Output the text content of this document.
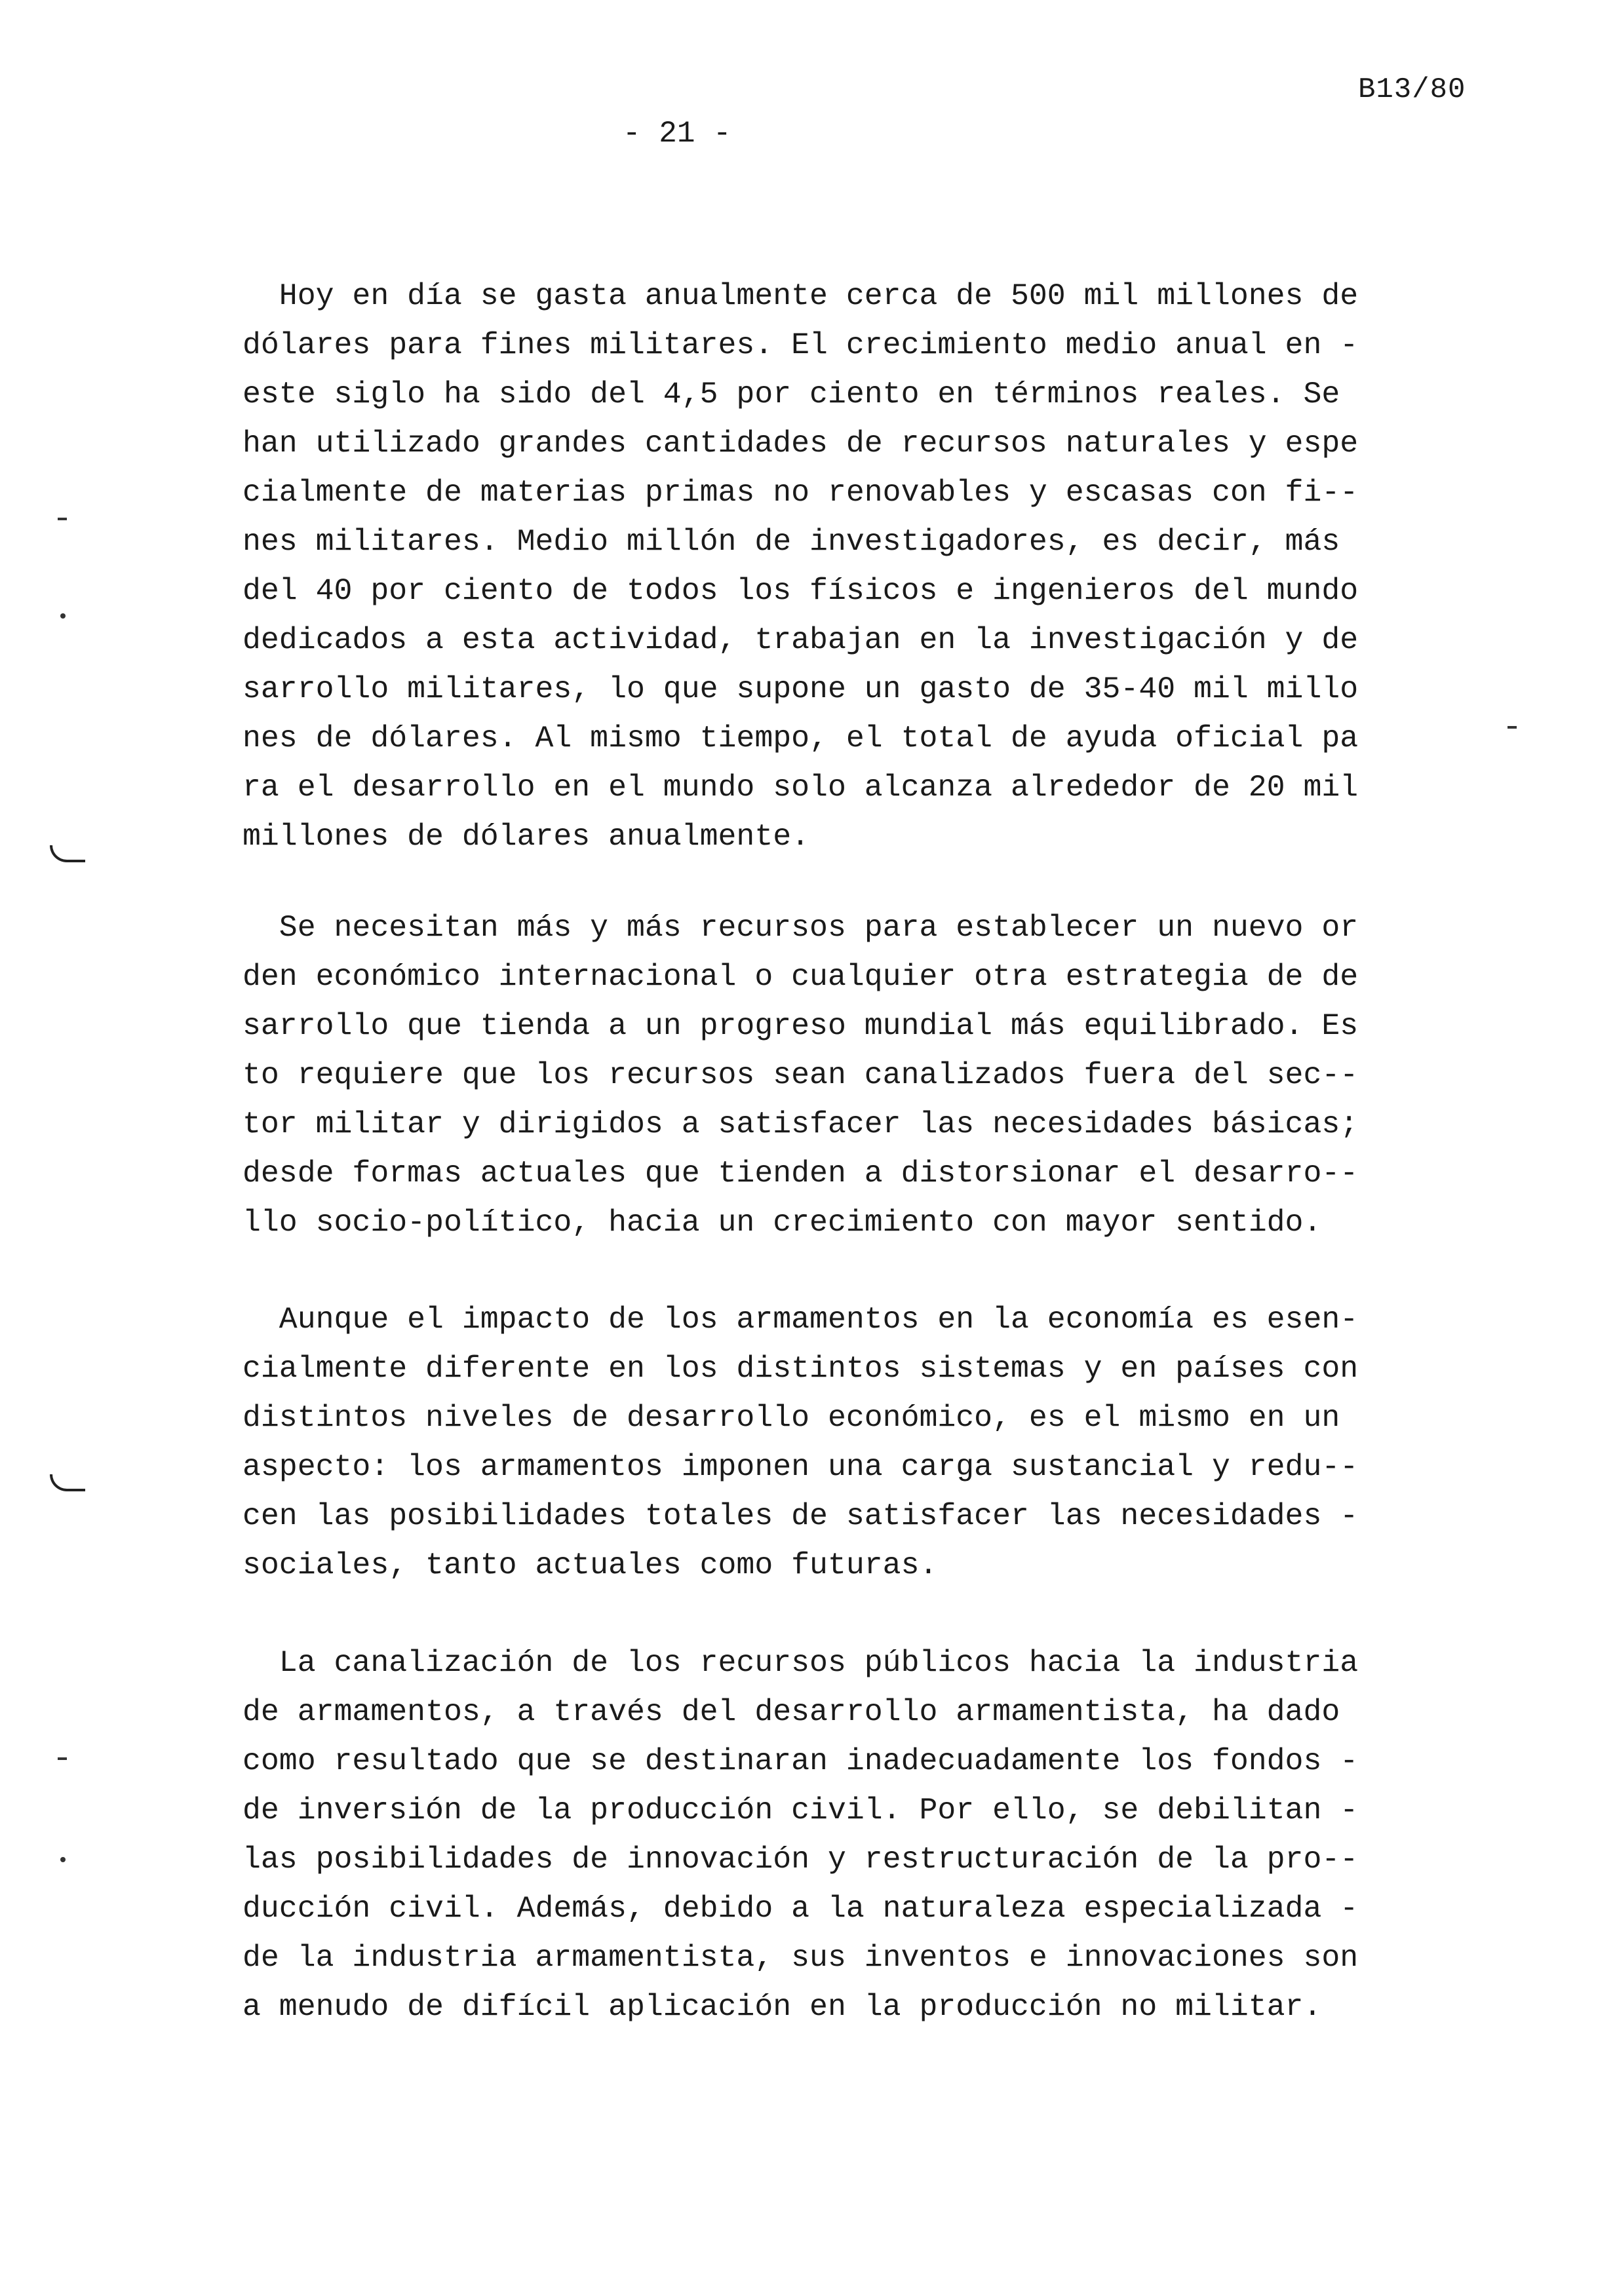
B13/80
- 21 -

Hoy en día se gasta anualmente cerca de 500 mil millones de
dólares para fines militares. El crecimiento medio anual en -
este siglo ha sido del 4,5 por ciento en términos reales. Se
han utilizado grandes cantidades de recursos naturales y espe
cialmente de materias primas no renovables y escasas con fi--
nes militares. Medio millón de investigadores, es decir, más
del 40 por ciento de todos los físicos e ingenieros del mundo
dedicados a esta actividad, trabajan en la investigación y de
sarrollo militares, lo que supone un gasto de 35-40 mil millo
nes de dólares. Al mismo tiempo, el total de ayuda oficial pa
ra el desarrollo en el mundo solo alcanza alrededor de 20 mil
millones de dólares anualmente.

Se necesitan más y más recursos para establecer un nuevo or
den económico internacional o cualquier otra estrategia de de
sarrollo que tienda a un progreso mundial más equilibrado. Es
to requiere que los recursos sean canalizados fuera del sec--
tor militar y dirigidos a satisfacer las necesidades básicas;
desde formas actuales que tienden a distorsionar el desarro--
llo socio-político, hacia un crecimiento con mayor sentido.

Aunque el impacto de los armamentos en la economía es esen-
cialmente diferente en los distintos sistemas y en países con
distintos niveles de desarrollo económico, es el mismo en un
aspecto: los armamentos imponen una carga sustancial y redu--
cen las posibilidades totales de satisfacer las necesidades -
sociales, tanto actuales como futuras.

La canalización de los recursos públicos hacia la industria
de armamentos, a través del desarrollo armamentista, ha dado
como resultado que se destinaran inadecuadamente los fondos -
de inversión de la producción civil. Por ello, se debilitan -
las posibilidades de innovación y restructuración de la pro--
ducción civil. Además, debido a la naturaleza especializada -
de la industria armamentista, sus inventos e innovaciones son
a menudo de difícil aplicación en la producción no militar.
